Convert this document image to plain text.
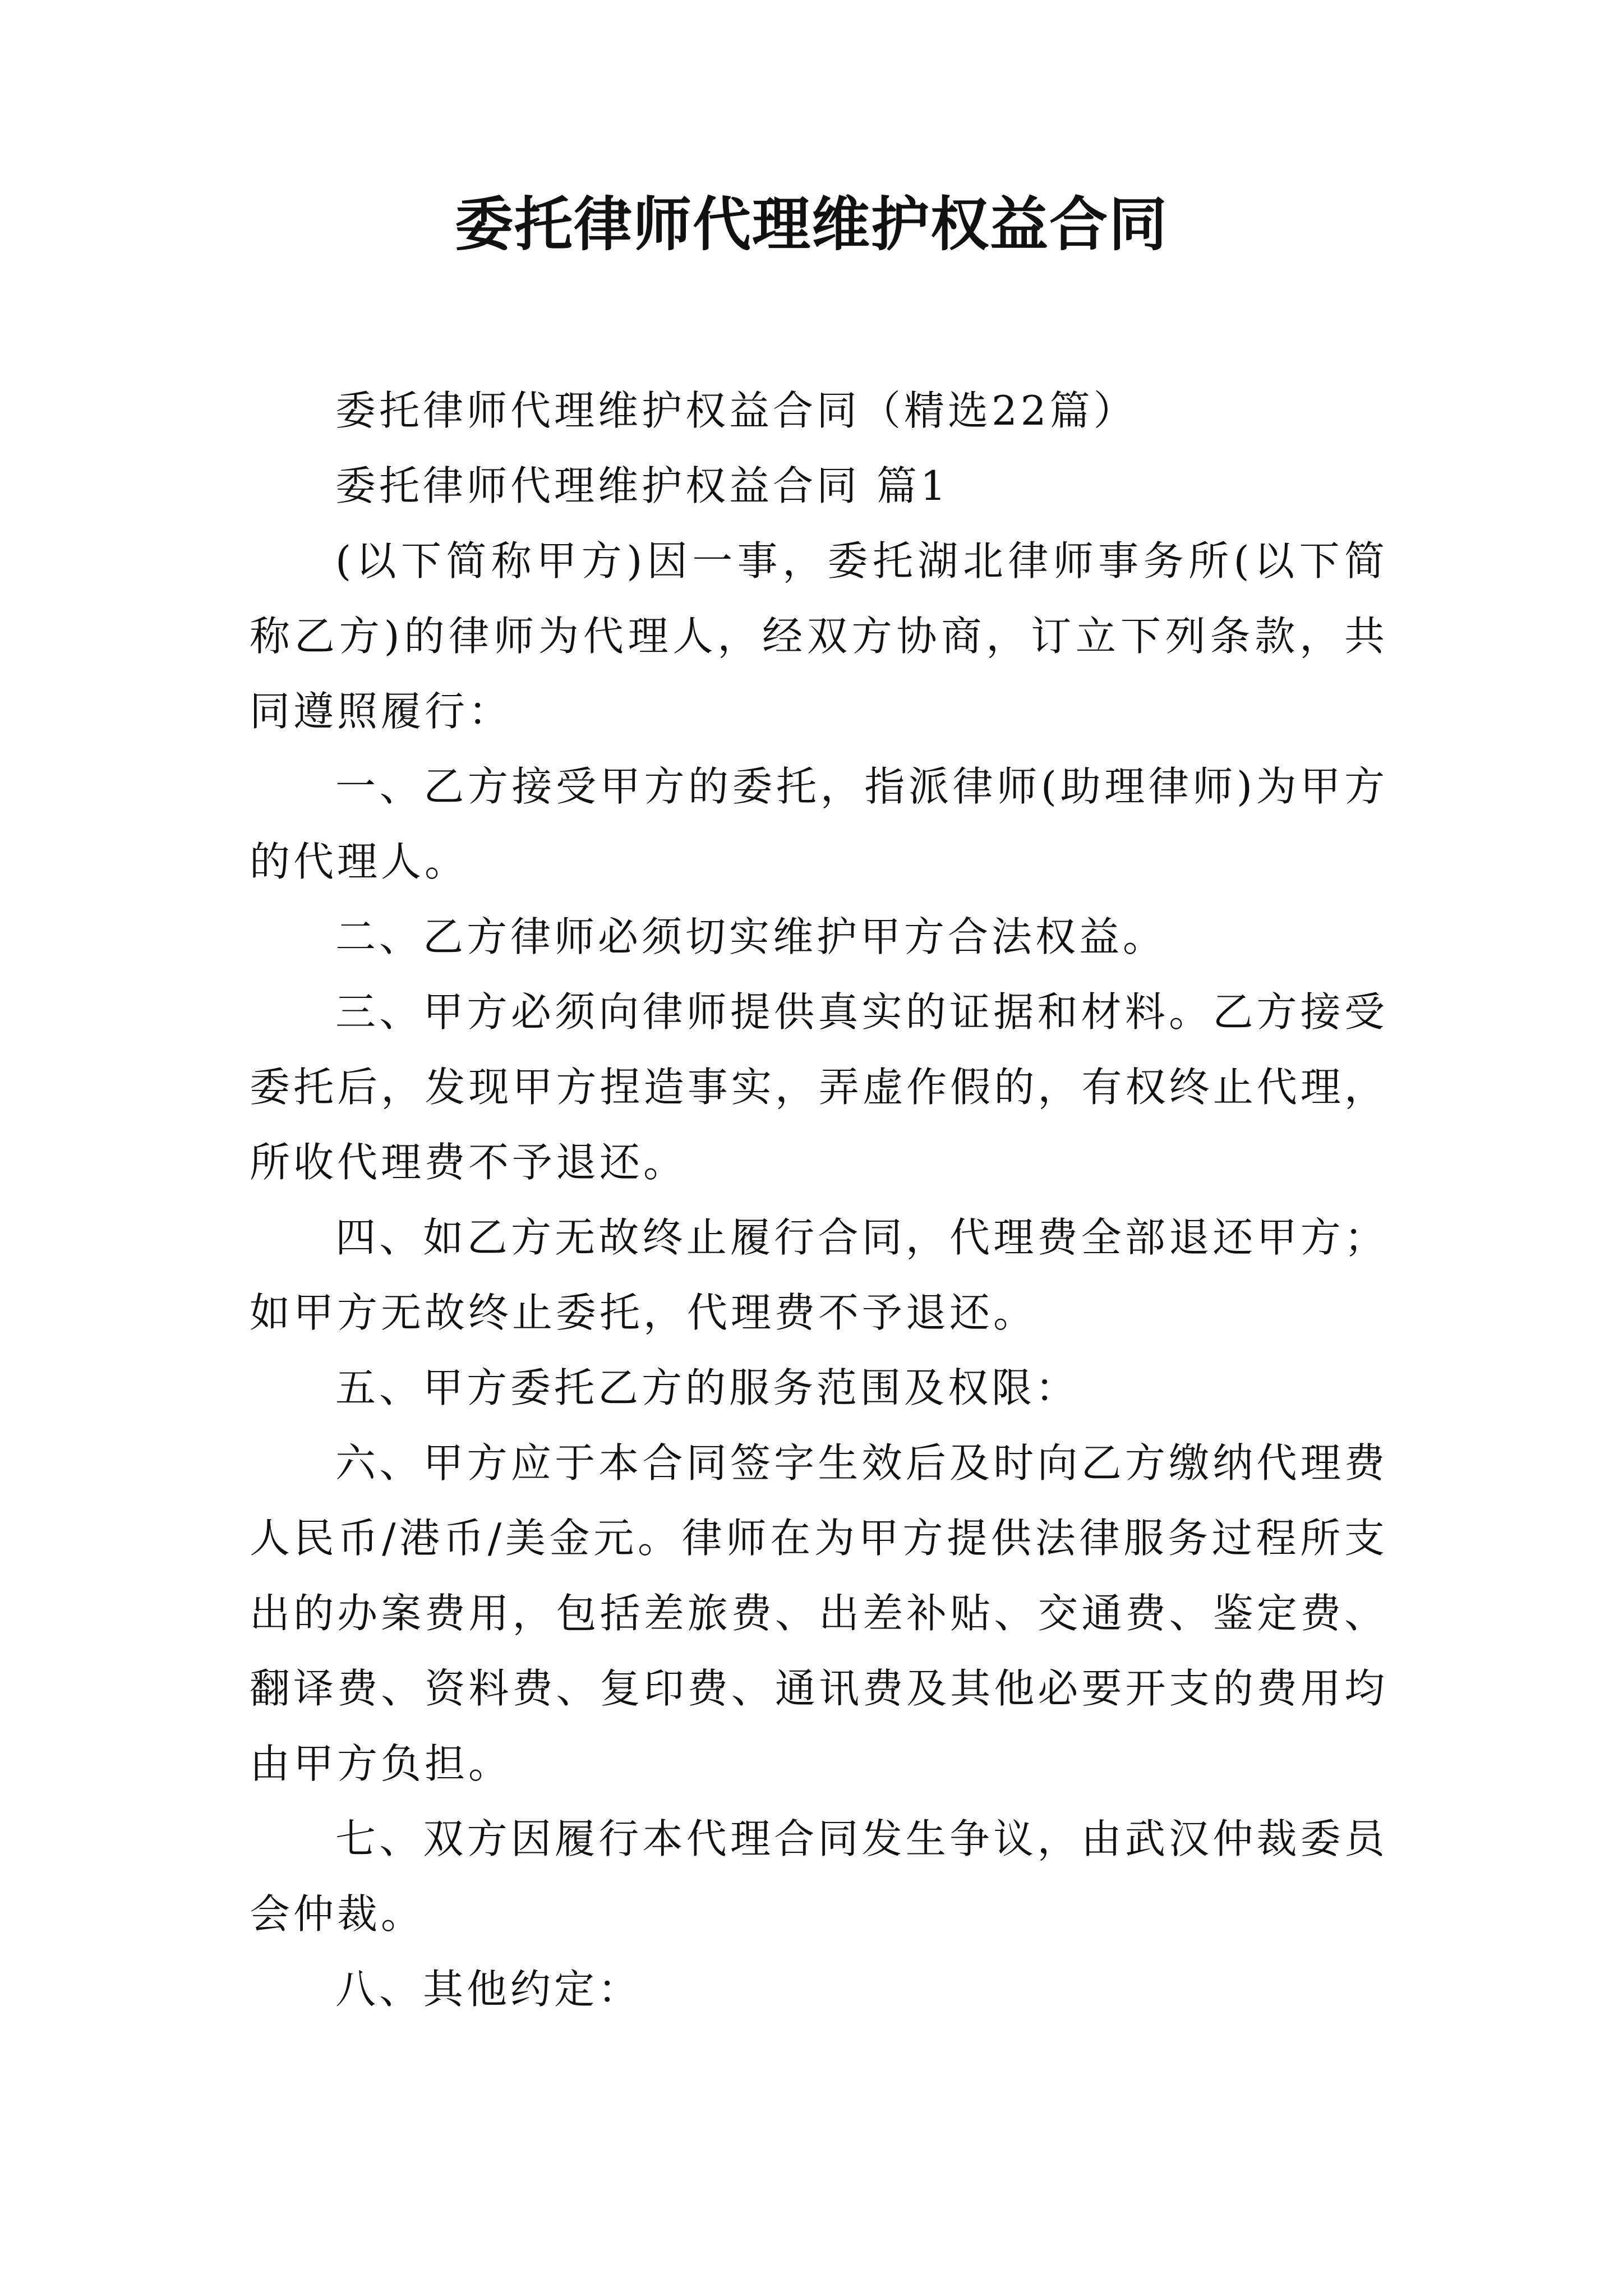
委托律师代理维护权益合同

委托律师代理维护权益合同（精选22篇）

委托律师代理维护权益合同 篇1

(以下简称甲方)因一事，委托湖北律师事务所(以下简称乙方)的律师为代理人，经双方协商，订立下列条款，共同遵照履行：

一、乙方接受甲方的委托，指派律师(助理律师)为甲方的代理人。

二、乙方律师必须切实维护甲方合法权益。

三、甲方必须向律师提供真实的证据和材料。乙方接受委托后，发现甲方捏造事实，弄虚作假的，有权终止代理，所收代理费不予退还。

四、如乙方无故终止履行合同，代理费全部退还甲方；如甲方无故终止委托，代理费不予退还。

五、甲方委托乙方的服务范围及权限：

六、甲方应于本合同签字生效后及时向乙方缴纳代理费人民币/港币/美金元。律师在为甲方提供法律服务过程所支出的办案费用，包括差旅费、出差补贴、交通费、鉴定费、翻译费、资料费、复印费、通讯费及其他必要开支的费用均由甲方负担。

七、双方因履行本代理合同发生争议，由武汉仲裁委员会仲裁。

八、其他约定：
